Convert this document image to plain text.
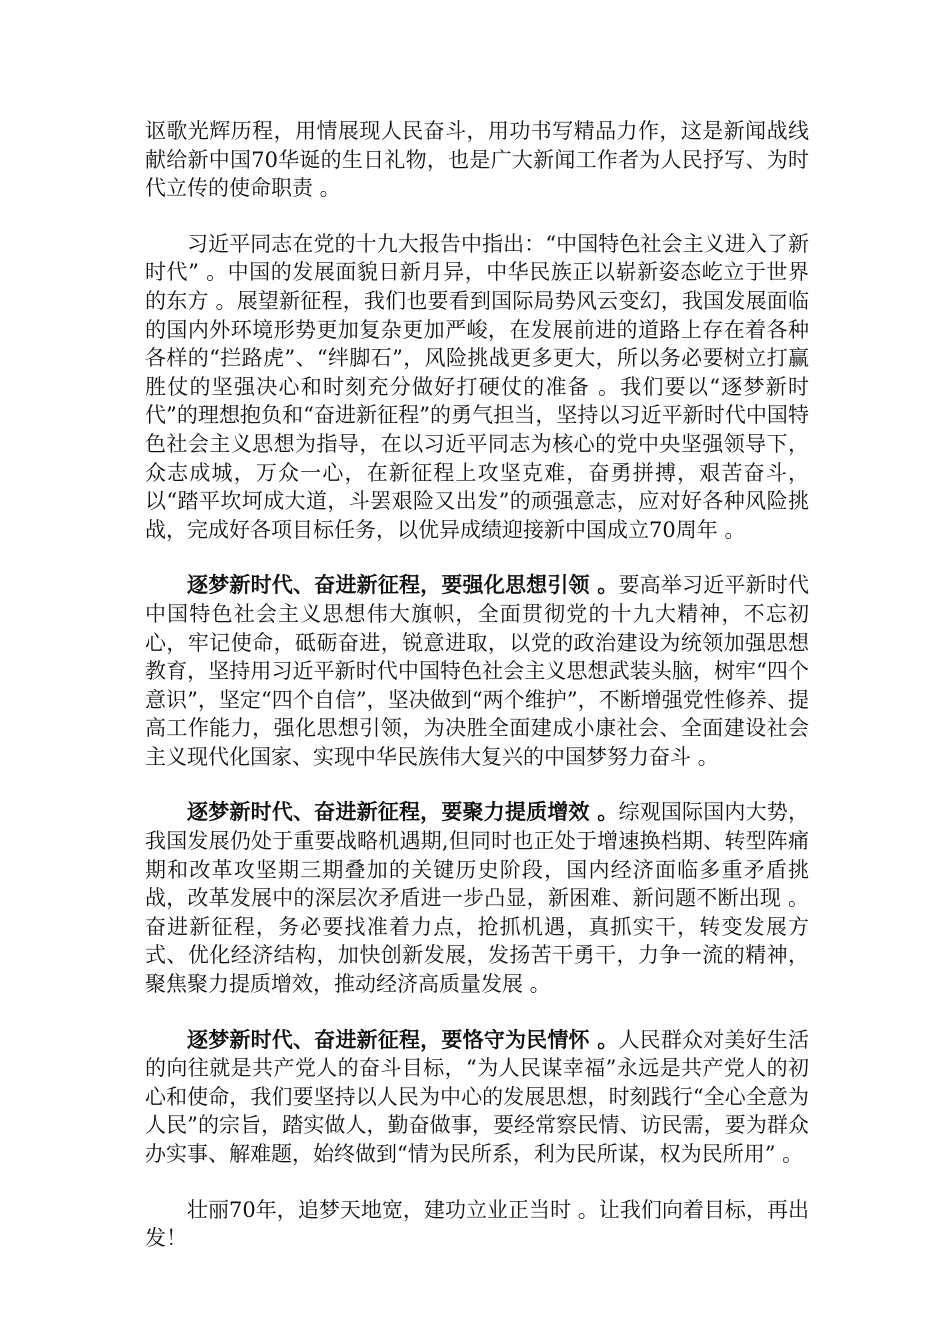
讴歌光辉历程，用情展现人民奋斗，用功书写精品力作，这是新闻战线献给新中国70华诞的生日礼物，也是广大新闻工作者为人民抒写、为时代立传的使命职责 。

习近平同志在党的十九大报告中指出：“中国特色社会主义进入了新时代” 。中国的发展面貌日新月异，中华民族正以崭新姿态屹立于世界的东方 。展望新征程，我们也要看到国际局势风云变幻，我国发展面临的国内外环境形势更加复杂更加严峻，在发展前进的道路上存在着各种各样的“拦路虎”、“绊脚石”，风险挑战更多更大，所以务必要树立打赢胜仗的坚强决心和时刻充分做好打硬仗的准备 。我们要以“逐梦新时代”的理想抱负和“奋进新征程”的勇气担当，坚持以习近平新时代中国特色社会主义思想为指导，在以习近平同志为核心的党中央坚强领导下，众志成城，万众一心，在新征程上攻坚克难，奋勇拼搏，艰苦奋斗，以“踏平坎坷成大道，斗罢艰险又出发”的顽强意志，应对好各种风险挑战，完成好各项目标任务，以优异成绩迎接新中国成立70周年 。

逐梦新时代、奋进新征程，要强化思想引领 。要高举习近平新时代中国特色社会主义思想伟大旗帜，全面贯彻党的十九大精神，不忘初心，牢记使命，砥砺奋进，锐意进取，以党的政治建设为统领加强思想教育，坚持用习近平新时代中国特色社会主义思想武装头脑，树牢“四个意识”，坚定“四个自信”，坚决做到“两个维护”，不断增强党性修养、提高工作能力，强化思想引领，为决胜全面建成小康社会、全面建设社会主义现代化国家、实现中华民族伟大复兴的中国梦努力奋斗 。

逐梦新时代、奋进新征程，要聚力提质增效 。综观国际国内大势，我国发展仍处于重要战略机遇期,但同时也正处于增速换档期、转型阵痛期和改革攻坚期三期叠加的关键历史阶段，国内经济面临多重矛盾挑战，改革发展中的深层次矛盾进一步凸显，新困难、新问题不断出现 。奋进新征程，务必要找准着力点，抢抓机遇，真抓实干，转变发展方式、优化经济结构，加快创新发展，发扬苦干勇干，力争一流的精神，聚焦聚力提质增效，推动经济高质量发展 。

逐梦新时代、奋进新征程，要恪守为民情怀 。人民群众对美好生活的向往就是共产党人的奋斗目标，“为人民谋幸福”永远是共产党人的初心和使命，我们要坚持以人民为中心的发展思想，时刻践行“全心全意为人民”的宗旨，踏实做人，勤奋做事，要经常察民情、访民需，要为群众办实事、解难题，始终做到“情为民所系，利为民所谋，权为民所用” 。

壮丽70年，追梦天地宽，建功立业正当时 。让我们向着目标，再出发！
